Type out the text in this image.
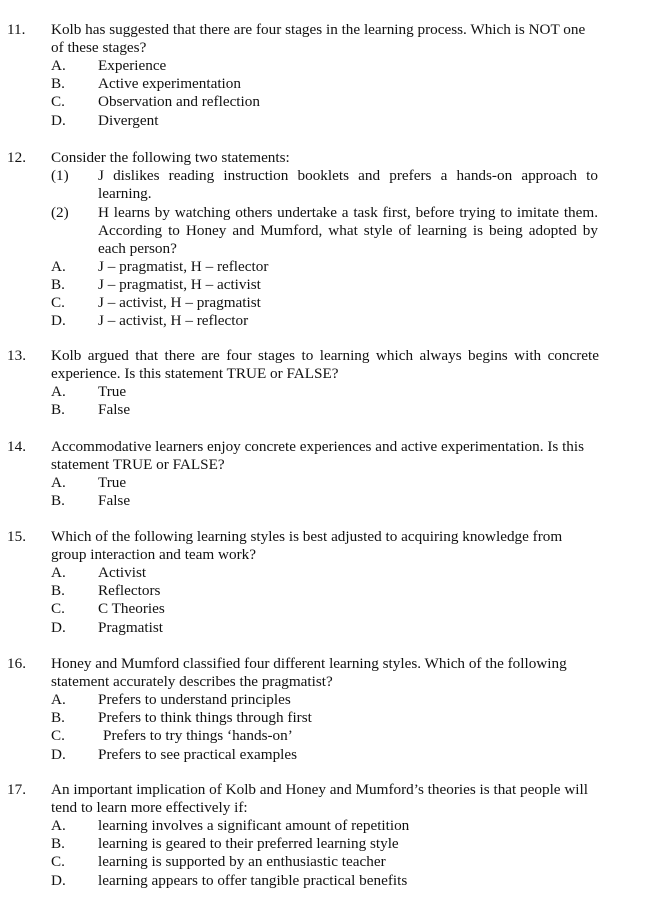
11. Kolb has suggested that there are four stages in the learning process. Which is NOT one of these stages?
A. Experience
B. Active experimentation
C. Observation and reflection
D. Divergent
12. Consider the following two statements:
(1) J dislikes reading instruction booklets and prefers a hands-on approach to learning.
(2) H learns by watching others undertake a task first, before trying to imitate them. According to Honey and Mumford, what style of learning is being adopted by each person?
A. J – pragmatist, H – reflector
B. J – pragmatist, H – activist
C. J – activist, H – pragmatist
D. J – activist, H – reflector
13. Kolb argued that there are four stages to learning which always begins with concrete experience. Is this statement TRUE or FALSE?
A. True
B. False
14. Accommodative learners enjoy concrete experiences and active experimentation. Is this statement TRUE or FALSE?
A. True
B. False
15. Which of the following learning styles is best adjusted to acquiring knowledge from group interaction and team work?
A. Activist
B. Reflectors
C. C Theories
D. Pragmatist
16. Honey and Mumford classified four different learning styles. Which of the following statement accurately describes the pragmatist?
A. Prefers to understand principles
B. Prefers to think things through first
C.	Prefers to try things ‘hands-on’
D. Prefers to see practical examples
17. An important implication of Kolb and Honey and Mumford’s theories is that people will tend to learn more effectively if:
A. learning involves a significant amount of repetition
B. learning is geared to their preferred learning style
C. learning is supported by an enthusiastic teacher
D. learning appears to offer tangible practical benefits
